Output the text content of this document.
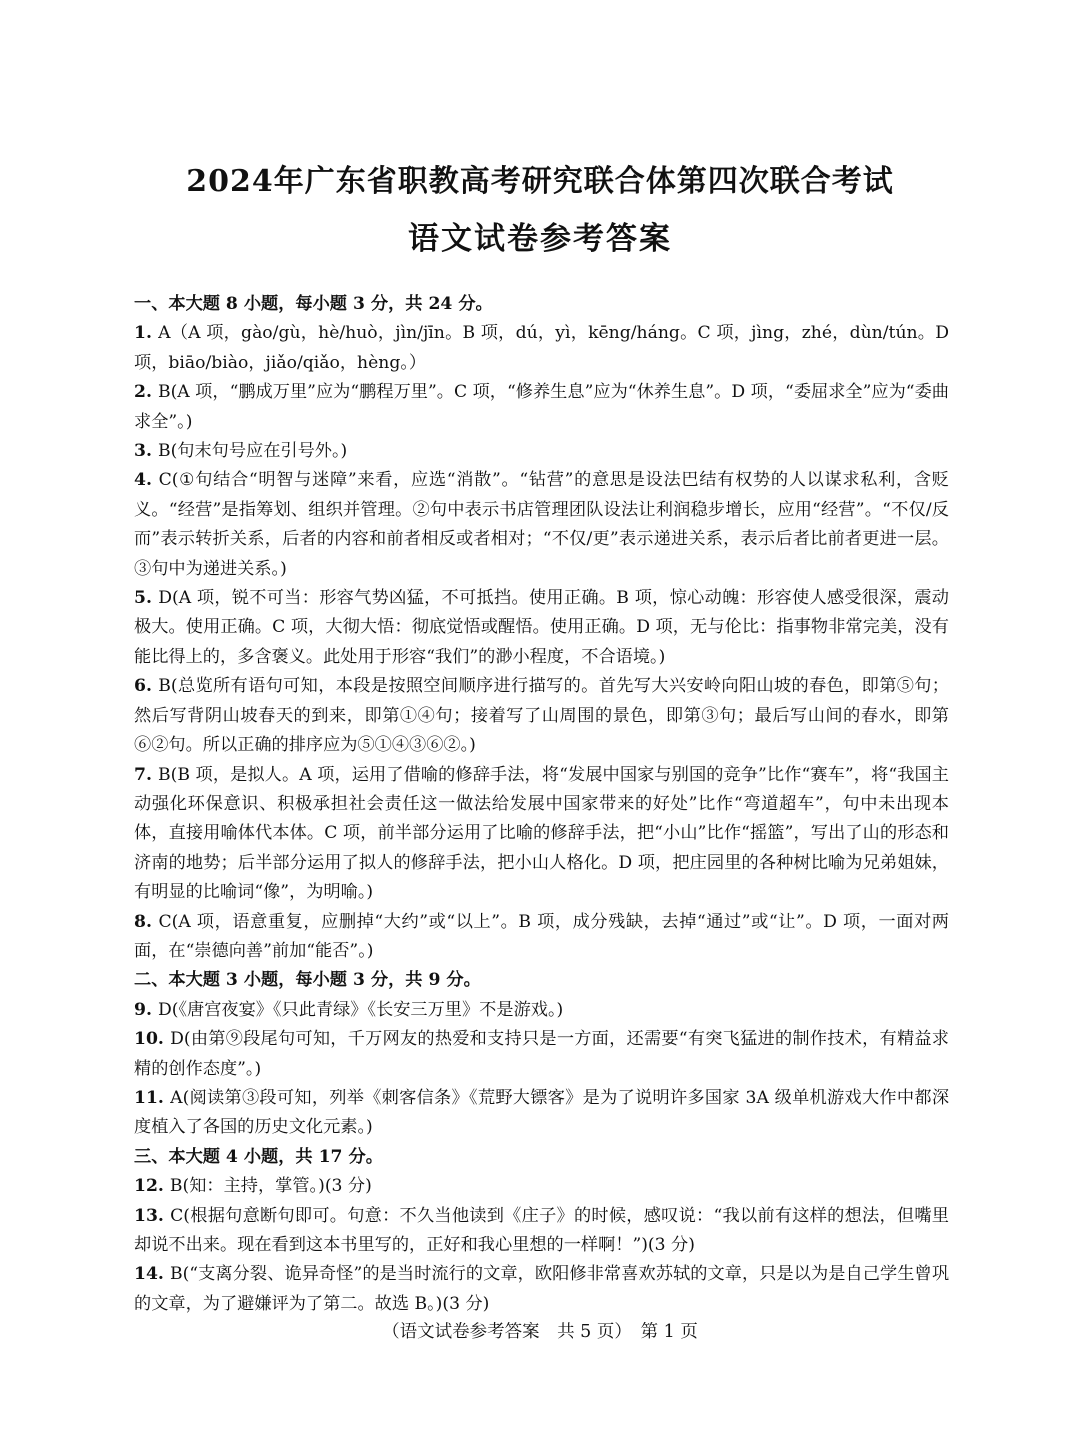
2024年广东省职教高考研究联合体第四次联合考试
语文试卷参考答案

一、本大题 8 小题，每小题 3 分，共 24 分。

1. A（A 项，gào/gù，hè/huò，jìn/jīn。B 项，dú，yì，kēng/háng。C 项，jìng，zhé，dùn/tún。D 项，biāo/biào，jiǎo/qiǎo，hèng。）

2. B(A 项，“鹏成万里”应为“鹏程万里”。C 项，“修养生息”应为“休养生息”。D 项，“委屈求全”应为“委曲求全”。)

3. B(句末句号应在引号外。)

4. C(①句结合“明智与迷障”来看，应选“消散”。“钻营”的意思是设法巴结有权势的人以谋求私利，含贬义。“经营”是指筹划、组织并管理。②句中表示书店管理团队设法让利润稳步增长，应用“经营”。“不仅/反而”表示转折关系，后者的内容和前者相反或者相对；“不仅/更”表示递进关系，表示后者比前者更进一层。③句中为递进关系。)

5. D(A 项，锐不可当：形容气势凶猛，不可抵挡。使用正确。B 项，惊心动魄：形容使人感受很深，震动极大。使用正确。C 项，大彻大悟：彻底觉悟或醒悟。使用正确。D 项，无与伦比：指事物非常完美，没有能比得上的，多含褒义。此处用于形容“我们”的渺小程度，不合语境。)

6. B(总览所有语句可知，本段是按照空间顺序进行描写的。首先写大兴安岭向阳山坡的春色，即第⑤句；然后写背阴山坡春天的到来，即第①④句；接着写了山周围的景色，即第③句；最后写山间的春水，即第⑥②句。所以正确的排序应为⑤①④③⑥②。)

7. B(B 项，是拟人。A 项，运用了借喻的修辞手法，将“发展中国家与别国的竞争”比作“赛车”，将“我国主动强化环保意识、积极承担社会责任这一做法给发展中国家带来的好处”比作“弯道超车”，句中未出现本体，直接用喻体代本体。C 项，前半部分运用了比喻的修辞手法，把“小山”比作“摇篮”，写出了山的形态和济南的地势；后半部分运用了拟人的修辞手法，把小山人格化。D 项，把庄园里的各种树比喻为兄弟姐妹，有明显的比喻词“像”，为明喻。)

8. C(A 项，语意重复，应删掉“大约”或“以上”。B 项，成分残缺，去掉“通过”或“让”。D 项，一面对两面，在“崇德向善”前加“能否”。)

二、本大题 3 小题，每小题 3 分，共 9 分。

9. D(《唐宫夜宴》《只此青绿》《长安三万里》不是游戏。)

10. D(由第⑨段尾句可知，千万网友的热爱和支持只是一方面，还需要“有突飞猛进的制作技术，有精益求精的创作态度”。)

11. A(阅读第③段可知，列举《刺客信条》《荒野大镖客》是为了说明许多国家 3A 级单机游戏大作中都深度植入了各国的历史文化元素。)

三、本大题 4 小题，共 17 分。

12. B(知：主持，掌管。)(3 分)

13. C(根据句意断句即可。句意：不久当他读到《庄子》的时候，感叹说：“我以前有这样的想法，但嘴里却说不出来。现在看到这本书里写的，正好和我心里想的一样啊！”)(3 分)

14. B(“支离分裂、诡异奇怪”的是当时流行的文章，欧阳修非常喜欢苏轼的文章，只是以为是自己学生曾巩的文章，为了避嫌评为了第二。故选 B。)(3 分)

（语文试卷参考答案　共 5 页）　第 1 页
